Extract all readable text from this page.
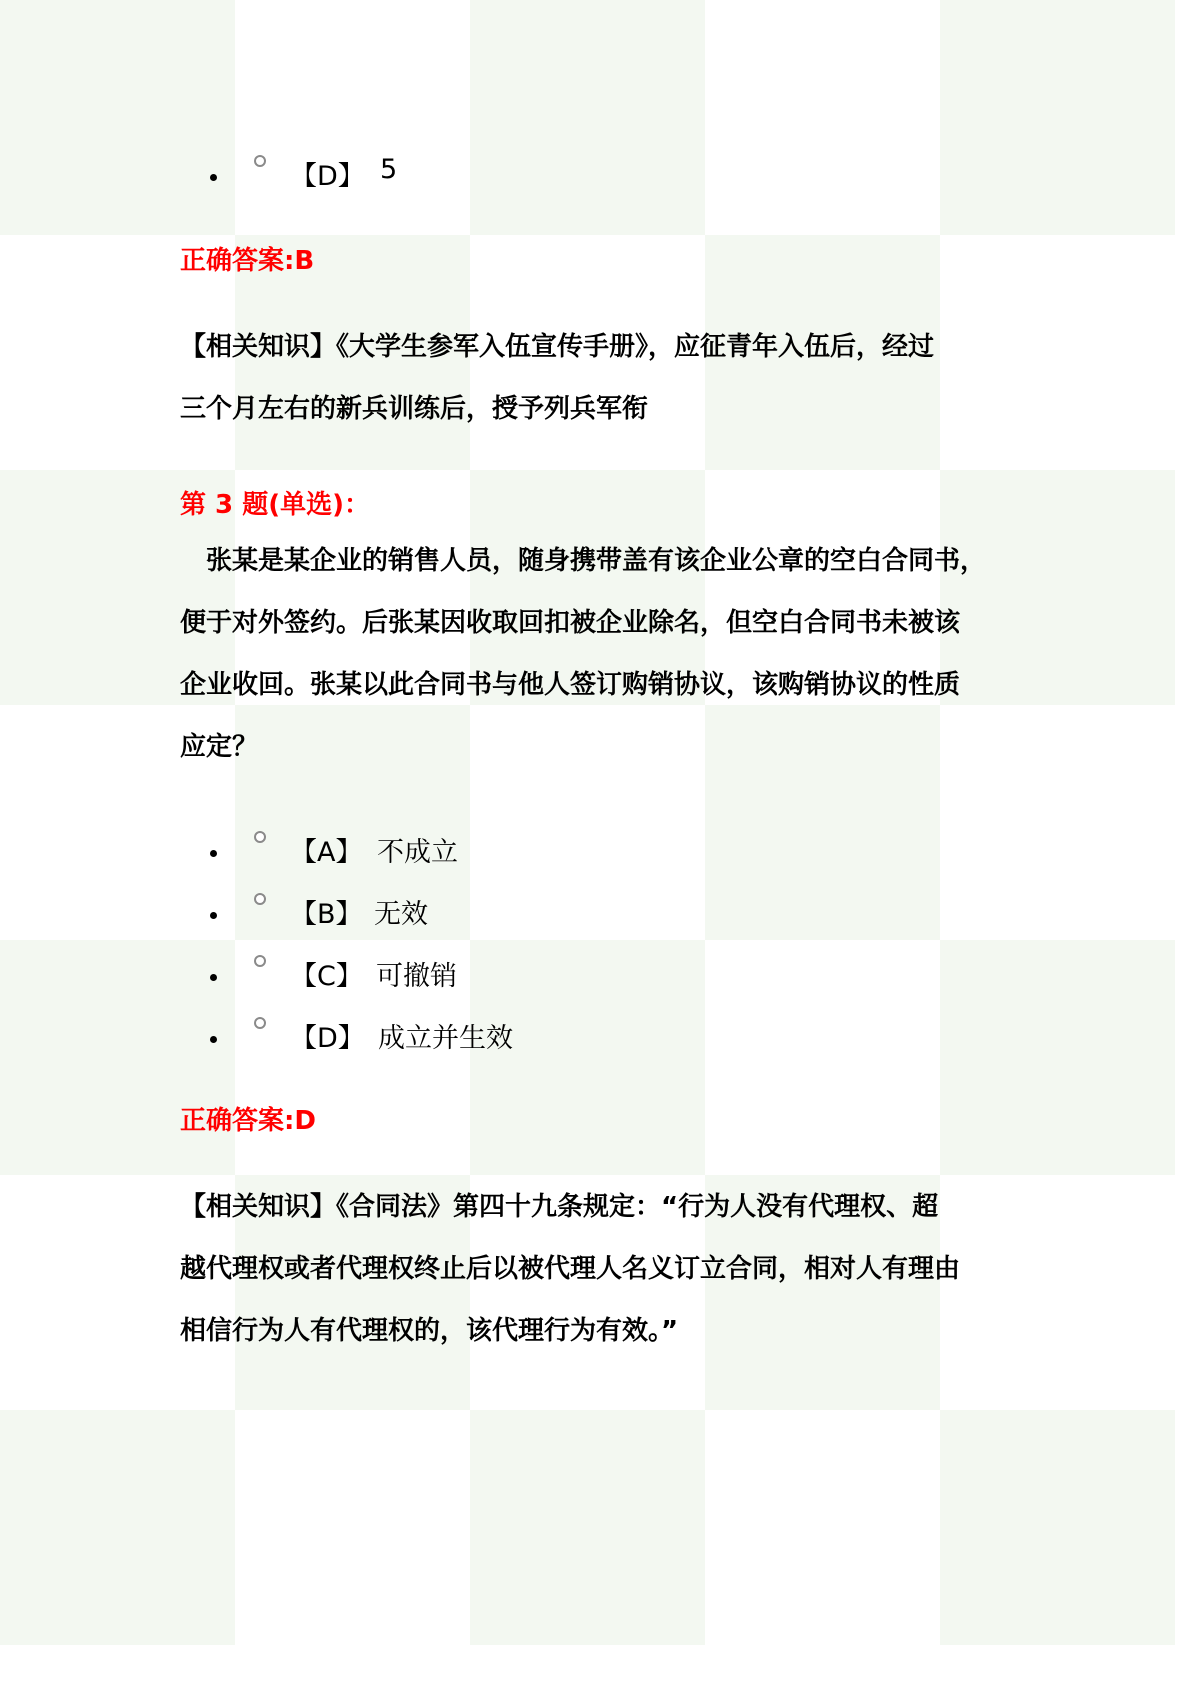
【D】 5
正确答案:B
【相关知识】《大学生参军入伍宣传手册》，应征青年入伍后，经过
三个月左右的新兵训练后，授予列兵军衔
第 3 题(单选)：
张某是某企业的销售人员，随身携带盖有该企业公章的空白合同书，
便于对外签约。后张某因收取回扣被企业除名，但空白合同书未被该
企业收回。张某以此合同书与他人签订购销协议，该购销协议的性质
应定？
【A】 不成立
【B】 无效
【C】 可撤销
【D】 成立并生效
正确答案:D
【相关知识】《合同法》第四十九条规定：“行为人没有代理权、超
越代理权或者代理权终止后以被代理人名义订立合同，相对人有理由
相信行为人有代理权的，该代理行为有效。”
